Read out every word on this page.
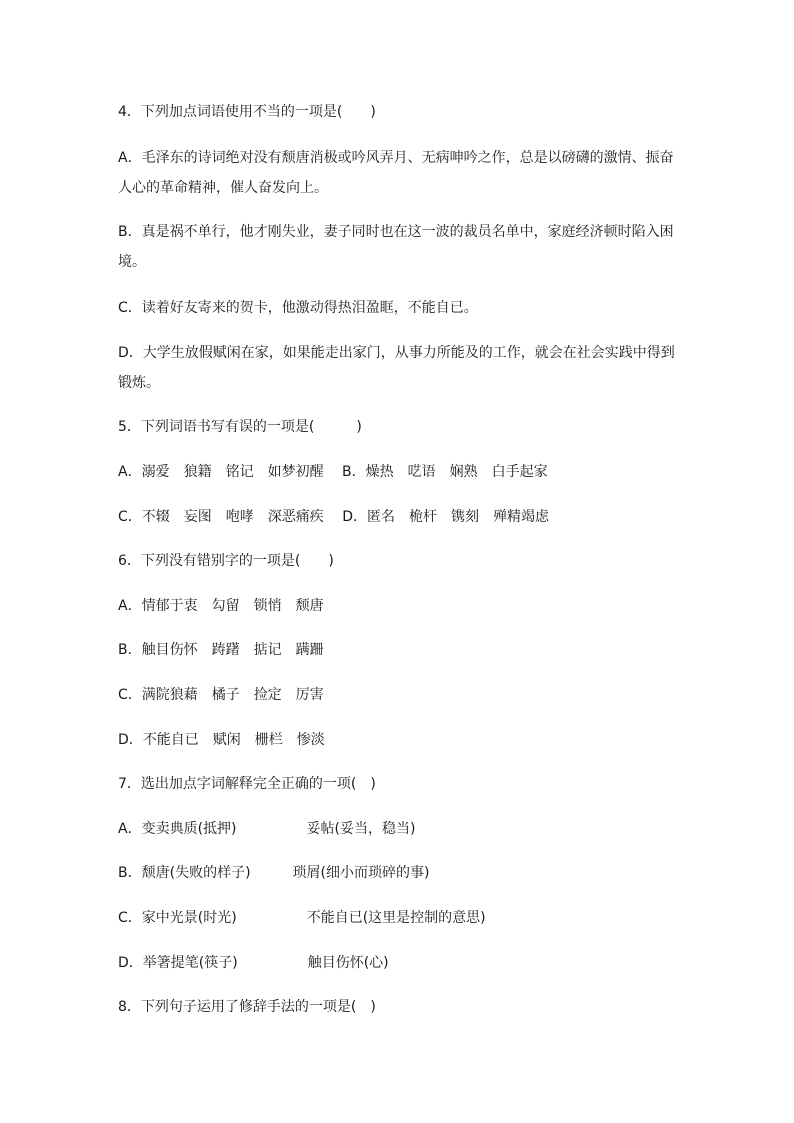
4．下列加点词语使用不当的一项是(　　)
A．毛泽东的诗词绝对没有颓唐消极或吟风弄月、无病呻吟之作，总是以磅礴的激情、振奋
人心的革命精神，催人奋发向上。
B．真是祸不单行，他才刚失业，妻子同时也在这一波的裁员名单中，家庭经济顿时陷入困
境。
C．读着好友寄来的贺卡，他激动得热泪盈眶，不能自已。
D．大学生放假赋闲在家，如果能走出家门，从事力所能及的工作，就会在社会实践中得到
锻炼。
5．下列词语书写有误的一项是(　　　)
A．溺爱　狼籍　铭记　如梦初醒　 B．燥热　呓语　娴熟　白手起家
C．不辍　妄图　咆哮　深恶痛疾　 D．匿名　桅杆　镌刻　殚精竭虑
6．下列没有错别字的一项是(　　)
A．情郁于衷　勾留　锁悄　颓唐
B．触目伤怀　踌躇　掂记　蹒跚
C．满院狼藉　橘子　捡定　厉害
D．不能自已　赋闲　栅栏　惨淡
7．选出加点字词解释完全正确的一项(　)
A．变卖典质(抵押)　　　　　妥帖(妥当，稳当)
B．颓唐(失败的样子)　　　琐屑(细小而琐碎的事)
C．家中光景(时光)　　　　　不能自已(这里是控制的意思)
D．举箸提笔(筷子)　　　　　触目伤怀(心)
8．下列句子运用了修辞手法的一项是(　)
